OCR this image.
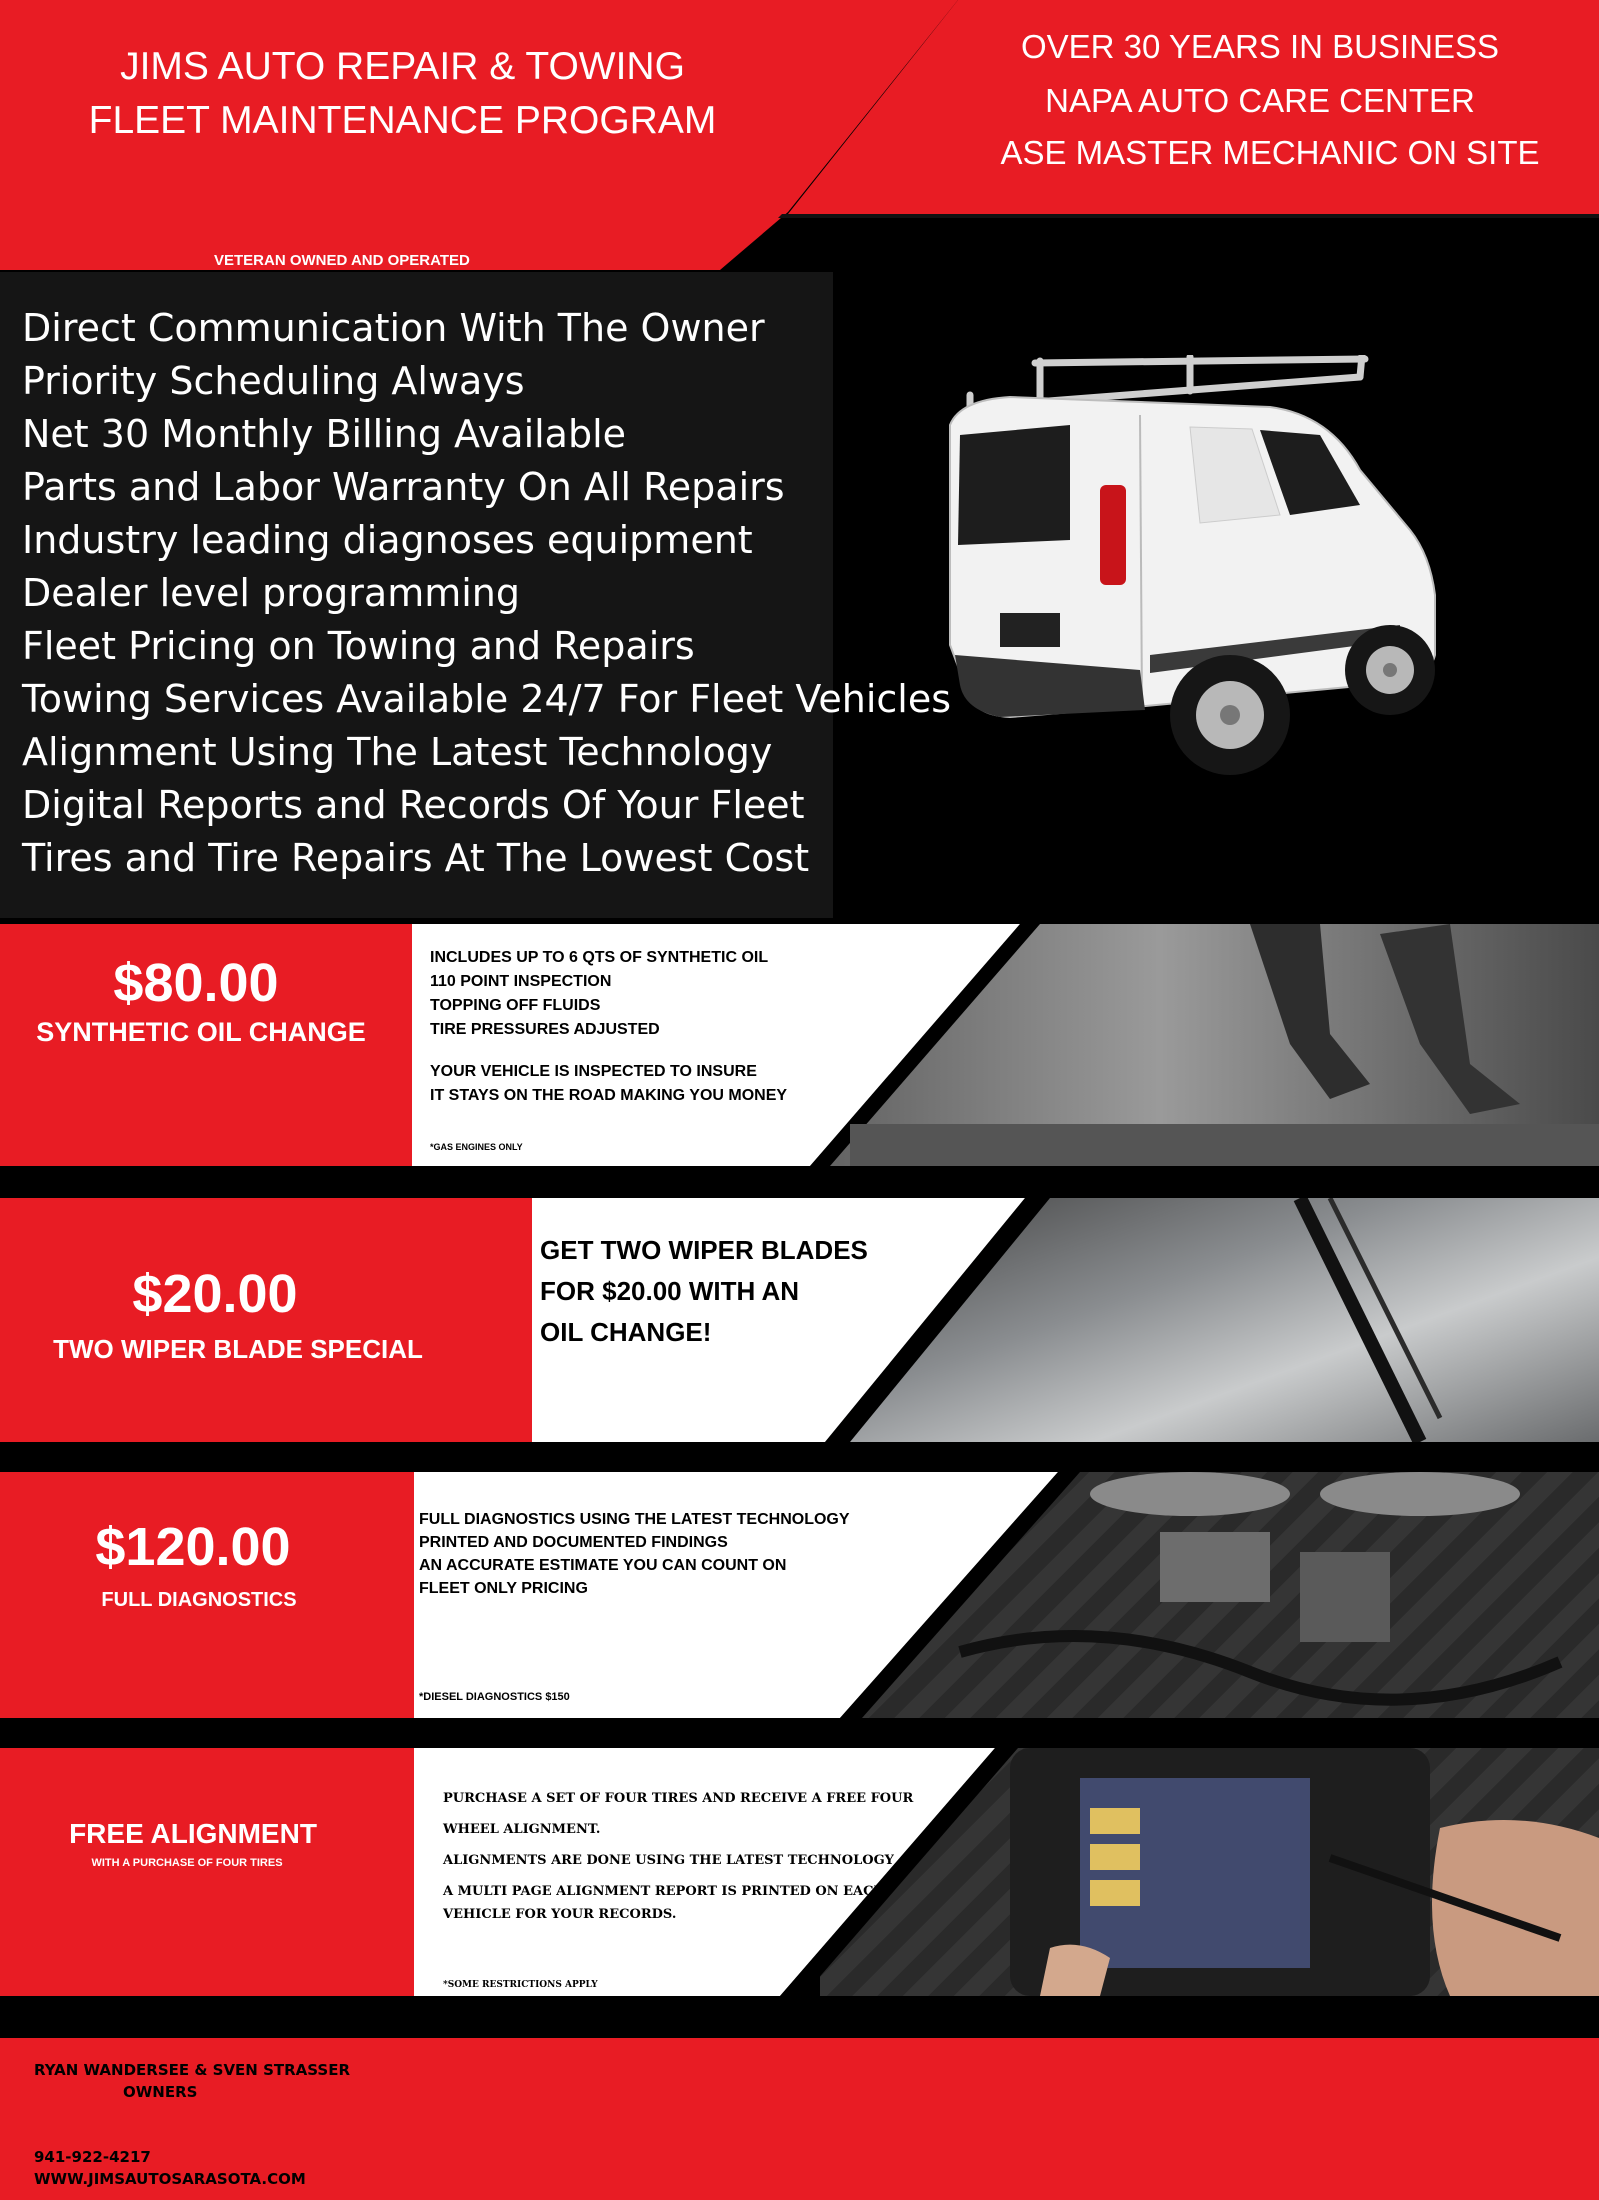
JIMS AUTO REPAIR & TOWING
FLEET MAINTENANCE PROGRAM
OVER 30 YEARS IN BUSINESS
NAPA AUTO CARE CENTER
ASE MASTER MECHANIC ON SITE
VETERAN OWNED AND OPERATED
Direct Communication With The Owner
Priority Scheduling Always
Net 30 Monthly Billing Available
Parts and Labor Warranty On All Repairs
Industry leading diagnoses equipment
Dealer level programming
Fleet Pricing on Towing and Repairs
Towing Services Available 24/7 For Fleet Vehicles
Alignment Using The Latest Technology
Digital Reports and Records Of Your Fleet
Tires and Tire Repairs At The Lowest Cost
$80.00
SYNTHETIC OIL CHANGE
INCLUDES UP TO 6 QTS OF SYNTHETIC OIL
110 POINT INSPECTION
TOPPING OFF FLUIDS
TIRE PRESSURES ADJUSTED
YOUR VEHICLE IS INSPECTED TO INSURE
IT STAYS ON THE ROAD MAKING YOU MONEY
*GAS ENGINES ONLY
$20.00
TWO WIPER BLADE SPECIAL
GET TWO WIPER BLADES
FOR $20.00 WITH AN
OIL CHANGE!
$120.00
FULL DIAGNOSTICS
FULL DIAGNOSTICS USING THE LATEST TECHNOLOGY
PRINTED AND DOCUMENTED FINDINGS
AN ACCURATE ESTIMATE YOU CAN COUNT ON
FLEET ONLY PRICING
*DIESEL DIAGNOSTICS $150
FREE ALIGNMENT
WITH A PURCHASE OF FOUR TIRES
PURCHASE A SET OF FOUR TIRES AND RECEIVE A FREE FOUR
WHEEL ALIGNMENT.
ALIGNMENTS ARE DONE USING THE LATEST TECHNOLOGY
A MULTI PAGE ALIGNMENT REPORT IS PRINTED ON EACH
VEHICLE FOR YOUR RECORDS.
*SOME RESTRICTIONS APPLY
RYAN WANDERSEE & SVEN STRASSER
OWNERS
941-922-4217
WWW.JIMSAUTOSARASOTA.COM
